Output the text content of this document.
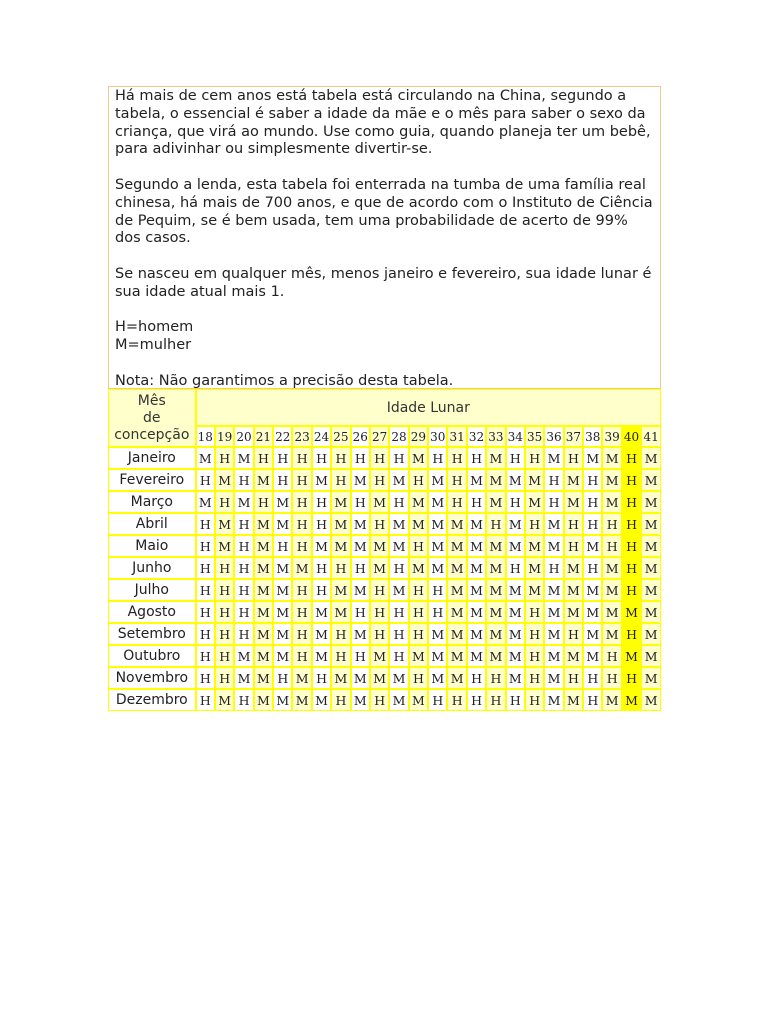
Há mais de cem anos está tabela está circulando na China, segundo a tabela, o essencial é saber a idade da mãe e o mês para saber o sexo da criança, que virá ao mundo. Use como guia, quando planeja ter um bebê, para adivinhar ou simplesmente divertir-se.

Segundo a lenda, esta tabela foi enterrada na tumba de uma família real chinesa, há mais de 700 anos, e que de acordo com o Instituto de Ciência de Pequim, se é bem usada, tem uma probabilidade de acerto de 99% dos casos.

Se nasceu em qualquer mês, menos janeiro e fevereiro, sua idade lunar é sua idade atual mais 1.

H=homem

M=mulher

Nota: Não garantimos a precisão desta tabela.

Mês
de
concepção	Idade Lunar																							
	18	19	20	21	22	23	24	25	26	27	28	29	30	31	32	33	34	35	36	37	38	39	40	41
Janeiro	M	H	M	H	H	H	H	H	H	H	H	M	H	H	H	M	H	H	M	H	M	M	H	M
Fevereiro	H	M	H	M	H	H	M	H	M	H	M	H	M	H	M	M	M	M	H	M	H	M	H	M
Março	M	H	M	H	M	H	H	M	H	M	H	M	M	H	H	M	H	M	H	M	H	M	H	M
Abril	H	M	H	M	M	H	H	M	M	H	M	M	M	M	M	H	M	H	M	H	H	H	H	M
Maio	H	M	H	M	H	H	M	M	M	M	M	H	M	M	M	M	M	M	M	H	M	H	H	M
Junho	H	H	H	M	M	M	H	H	H	M	H	M	M	M	M	M	H	M	H	M	H	M	H	M
Julho	H	H	H	M	M	H	H	M	M	H	M	H	H	M	M	M	M	M	M	M	M	M	H	M
Agosto	H	H	H	M	M	H	M	M	H	H	H	H	H	M	M	M	M	H	M	M	M	M	M	M
Setembro	H	H	H	M	M	H	M	H	M	H	H	H	M	M	M	M	M	H	M	H	M	M	H	M
Outubro	H	H	M	M	M	H	M	H	H	M	H	M	M	M	M	M	M	H	M	M	M	H	M	M
Novembro	H	H	M	M	H	M	H	M	M	M	M	H	M	M	H	H	M	H	M	H	H	H	H	M
Dezembro	H	M	H	M	M	M	M	H	M	H	M	M	H	H	H	H	H	H	M	M	H	M	M	M
